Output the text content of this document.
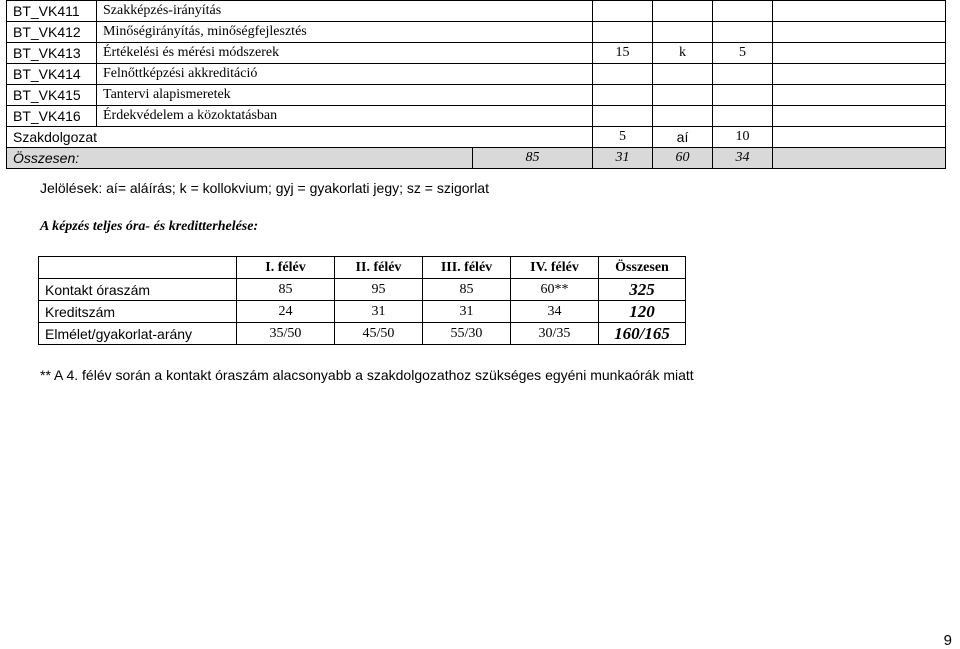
BT_VK411	Szakképzés-irányítás					
BT_VK412	Minőségirányítás, minőségfejlesztés					
BT_VK413	Értékelési és mérési módszerek		15	k	5	
BT_VK414	Felnőttképzési akkreditáció					
BT_VK415	Tantervi alapismeretek					
BT_VK416	Érdekvédelem a közoktatásban					
Szakdolgozat			5	aí	10	
Összesen:		85	31	60	34	
Jelölések: aí= aláírás; k = kollokvium; gyj = gyakorlati jegy; sz = szigorlat
A képzés teljes óra- és kreditterhelése:
	I. félév	II. félév	III. félév	IV. félév	Összesen
Kontakt óraszám	85	95	85	60**	325
Kreditszám	24	31	31	34	120
Elmélet/gyakorlat-arány	35/50	45/50	55/30	30/35	160/165
** A 4. félév során a kontakt óraszám alacsonyabb a szakdolgozathoz szükséges egyéni munkaórák miatt
9
